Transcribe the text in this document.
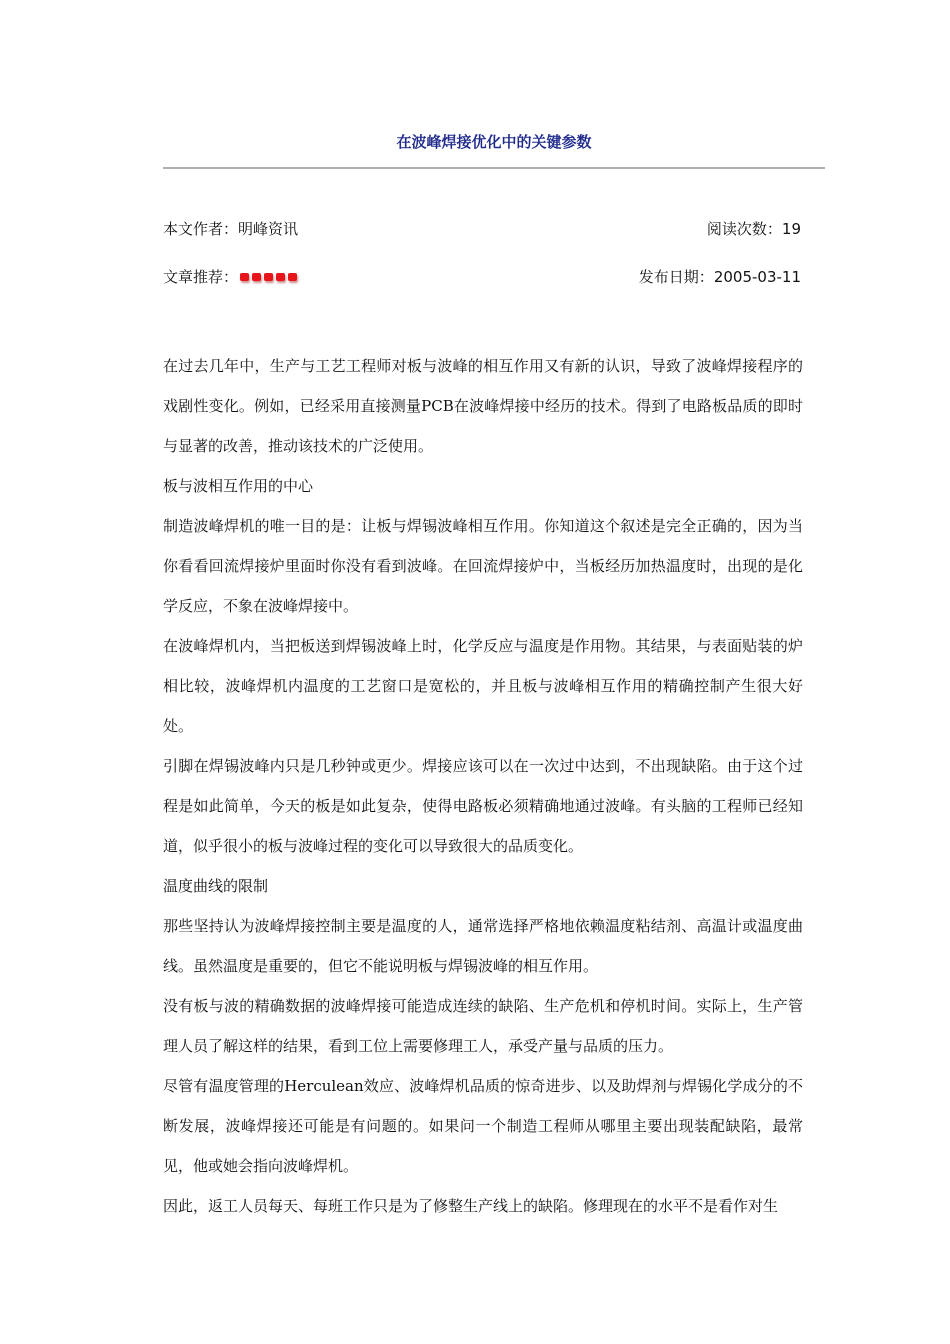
在波峰焊接优化中的关键参数
本文作者：明峰资讯	阅读次数：19
文章推荐：	发布日期：2005-03-11

在过去几年中，生产与工艺工程师对板与波峰的相互作用又有新的认识，导致了波峰焊接程序的戏剧性变化。例如，已经采用直接测量PCB在波峰焊接中经历的技术。得到了电路板品质的即时与显著的改善，推动该技术的广泛使用。

板与波相互作用的中心

制造波峰焊机的唯一目的是：让板与焊锡波峰相互作用。你知道这个叙述是完全正确的，因为当你看看回流焊接炉里面时你没有看到波峰。在回流焊接炉中，当板经历加热温度时，出现的是化学反应，不象在波峰焊接中。

在波峰焊机内，当把板送到焊锡波峰上时，化学反应与温度是作用物。其结果，与表面贴装的炉相比较，波峰焊机内温度的工艺窗口是宽松的，并且板与波峰相互作用的精确控制产生很大好处。

引脚在焊锡波峰内只是几秒钟或更少。焊接应该可以在一次过中达到，不出现缺陷。由于这个过程是如此简单，今天的板是如此复杂，使得电路板必须精确地通过波峰。有头脑的工程师已经知道，似乎很小的板与波峰过程的变化可以导致很大的品质变化。

温度曲线的限制

那些坚持认为波峰焊接控制主要是温度的人，通常选择严格地依赖温度粘结剂、高温计或温度曲线。虽然温度是重要的，但它不能说明板与焊锡波峰的相互作用。

没有板与波的精确数据的波峰焊接可能造成连续的缺陷、生产危机和停机时间。实际上，生产管理人员了解这样的结果，看到工位上需要修理工人，承受产量与品质的压力。

尽管有温度管理的Herculean效应、波峰焊机品质的惊奇进步、以及助焊剂与焊锡化学成分的不断发展，波峰焊接还可能是有问题的。如果问一个制造工程师从哪里主要出现装配缺陷，最常见，他或她会指向波峰焊机。

因此，返工人员每天、每班工作只是为了修整生产线上的缺陷。修理现在的水平不是看作对生
